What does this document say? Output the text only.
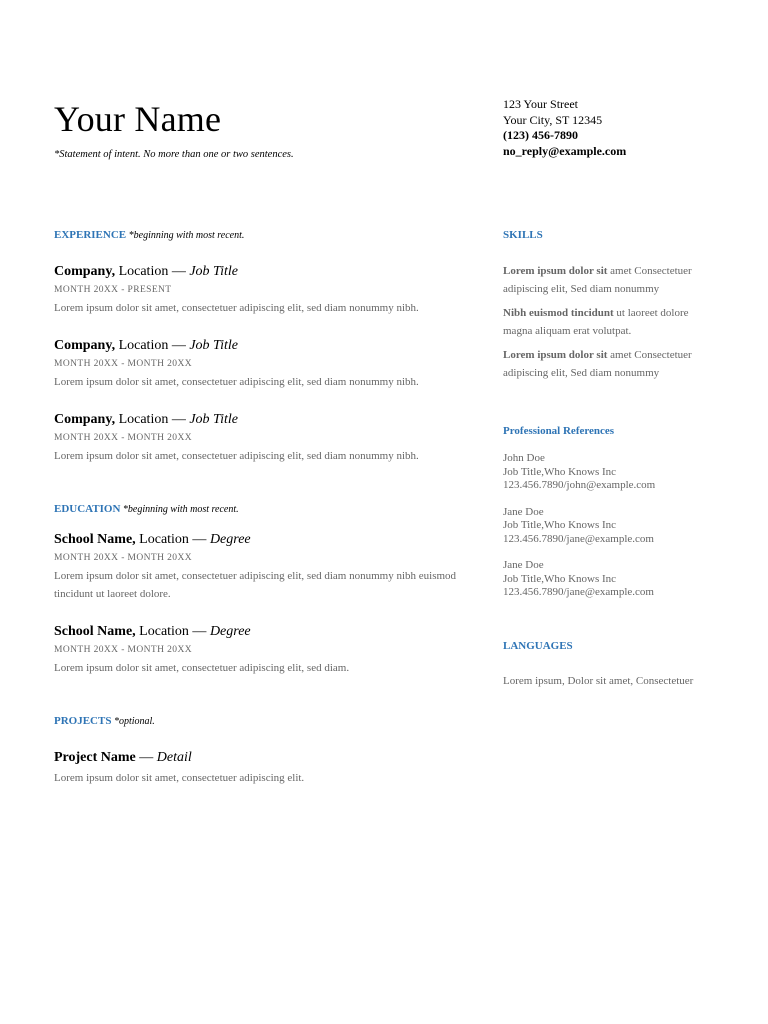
Your Name
*Statement of intent. No more than one or two sentences.
123 Your Street
Your City, ST 12345
(123) 456-7890
no_reply@example.com
EXPERIENCE *beginning with most recent.
Company, Location — Job Title
MONTH 20XX - PRESENT
Lorem ipsum dolor sit amet, consectetuer adipiscing elit, sed diam nonummy nibh.
Company, Location — Job Title
MONTH 20XX - MONTH 20XX
Lorem ipsum dolor sit amet, consectetuer adipiscing elit, sed diam nonummy nibh.
Company, Location — Job Title
MONTH 20XX - MONTH 20XX
Lorem ipsum dolor sit amet, consectetuer adipiscing elit, sed diam nonummy nibh.
EDUCATION *beginning with most recent.
School Name, Location — Degree
MONTH 20XX - MONTH 20XX
Lorem ipsum dolor sit amet, consectetuer adipiscing elit, sed diam nonummy nibh euismod tincidunt ut laoreet dolore.
School Name, Location — Degree
MONTH 20XX - MONTH 20XX
Lorem ipsum dolor sit amet, consectetuer adipiscing elit, sed diam.
PROJECTS *optional.
Project Name — Detail
Lorem ipsum dolor sit amet, consectetuer adipiscing elit.
SKILLS
Lorem ipsum dolor sit amet Consectetuer adipiscing elit, Sed diam nonummy
Nibh euismod tincidunt ut laoreet dolore magna aliquam erat volutpat.
Lorem ipsum dolor sit amet Consectetuer adipiscing elit, Sed diam nonummy
Professional References
John Doe
Job Title,Who Knows Inc
123.456.7890/john@example.com
Jane Doe
Job Title,Who Knows Inc
123.456.7890/jane@example.com
Jane Doe
Job Title,Who Knows Inc
123.456.7890/jane@example.com
LANGUAGES
Lorem ipsum, Dolor sit amet, Consectetuer
